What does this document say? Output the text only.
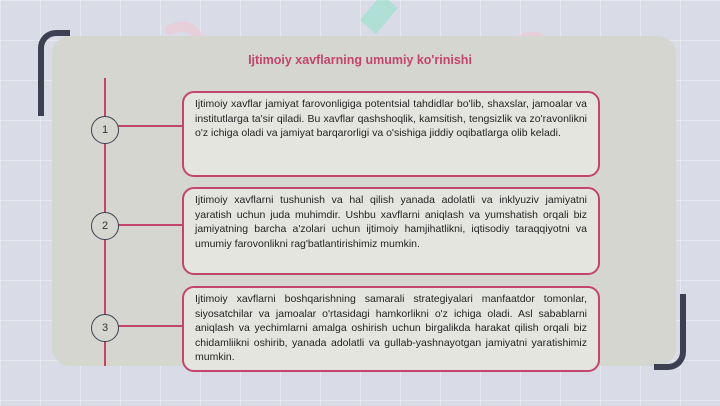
Ijtimoiy xavflarning umumiy ko'rinishi
1
Ijtimoiy xavflar jamiyat farovonligiga potentsial tahdidlar bo'lib, shaxslar, jamoalar va institutlarga ta'sir qiladi. Bu xavflar qashshoqlik, kamsitish, tengsizlik va zo'ravonlikni o'z ichiga oladi va jamiyat barqarorligi va o'sishiga jiddiy oqibatlarga olib keladi.
2
Ijtimoiy xavflarni tushunish va hal qilish yanada adolatli va inklyuziv jamiyatni yaratish uchun juda muhimdir. Ushbu xavflarni aniqlash va yumshatish orqali biz jamiyatning barcha a'zolari uchun ijtimoiy hamjihatlikni, iqtisodiy taraqqiyotni va umumiy farovonlikni rag'batlantirishimiz mumkin.
3
Ijtimoiy xavflarni boshqarishning samarali strategiyalari manfaatdor tomonlar, siyosatchilar va jamoalar o'rtasidagi hamkorlikni o'z ichiga oladi. Asl sabablarni aniqlash va yechimlarni amalga oshirish uchun birgalikda harakat qilish orqali biz chidamliikni oshirib, yanada adolatli va gullab-yashnayotgan jamiyatni yaratishimiz mumkin.
